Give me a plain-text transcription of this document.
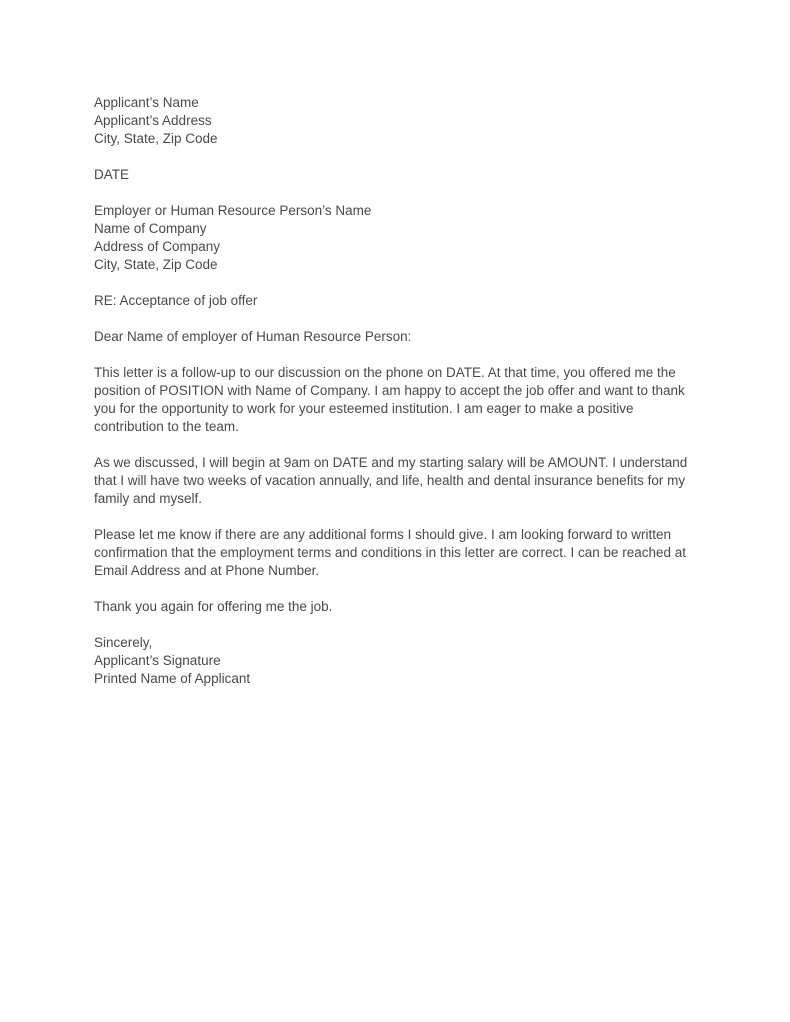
Applicant’s Name

Applicant’s Address

City, State, Zip Code

DATE

Employer or Human Resource Person’s Name

Name of Company

Address of Company

City, State, Zip Code

RE: Acceptance of job offer

Dear Name of employer of Human Resource Person:

This letter is a follow-up to our discussion on the phone on DATE. At that time, you offered me the position of POSITION with Name of Company. I am happy to accept the job offer and want to thank you for the opportunity to work for your esteemed institution. I am eager to make a positive contribution to the team.

As we discussed, I will begin at 9am on DATE and my starting salary will be AMOUNT. I understand that I will have two weeks of vacation annually, and life, health and dental insurance benefits for my family and myself.

Please let me know if there are any additional forms I should give. I am looking forward to written confirmation that the employment terms and conditions in this letter are correct. I can be reached at Email Address and at Phone Number.

Thank you again for offering me the job.

Sincerely,

Applicant’s Signature

Printed Name of Applicant
